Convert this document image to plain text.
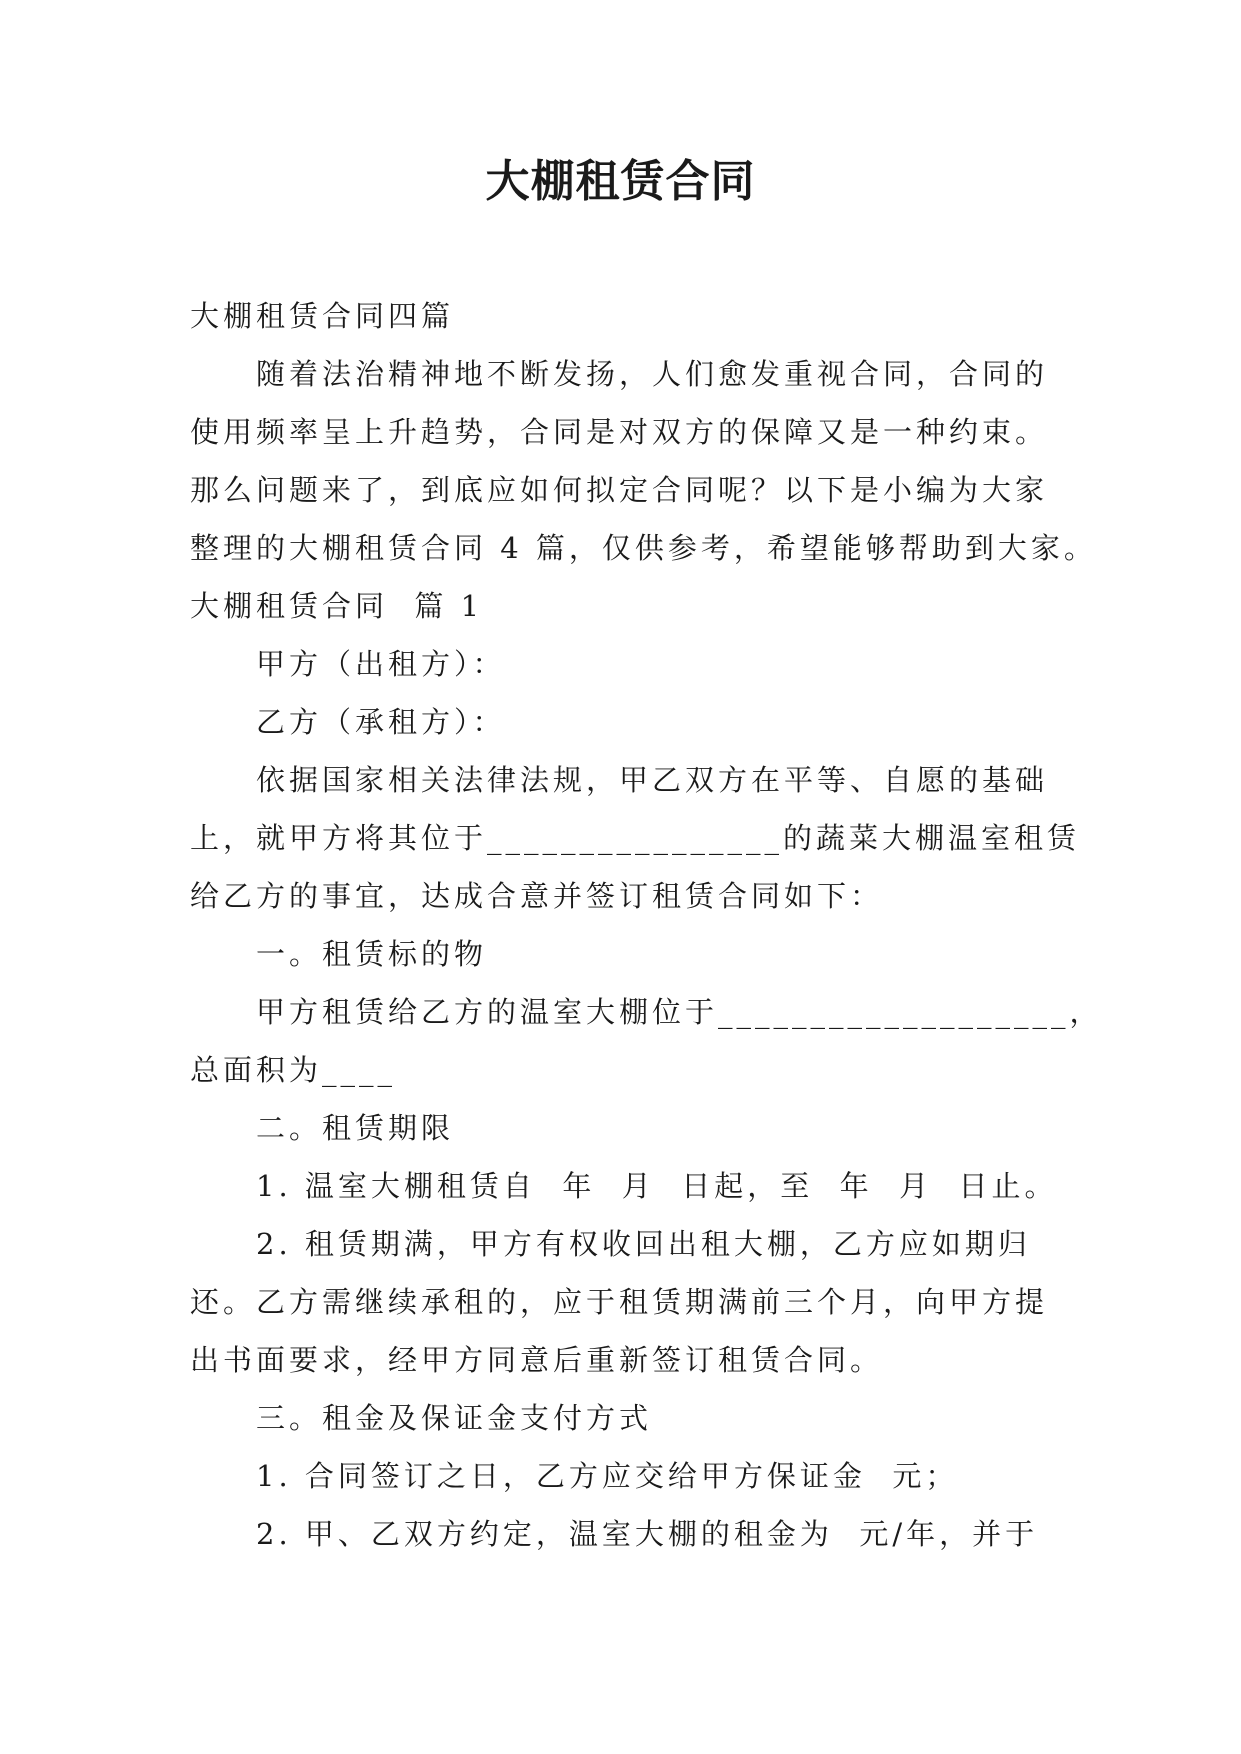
大棚租赁合同
大棚租赁合同四篇
随着法治精神地不断发扬，人们愈发重视合同，合同的
使用频率呈上升趋势，合同是对双方的保障又是一种约束。
那么问题来了，到底应如何拟定合同呢？以下是小编为大家
整理的大棚租赁合同 4 篇，仅供参考，希望能够帮助到大家。
大棚租赁合同  篇 1
甲方（出租方）：
乙方（承租方）：
依据国家相关法律法规，甲乙双方在平等、自愿的基础
上，就甲方将其位于________________的蔬菜大棚温室租赁
给乙方的事宜，达成合意并签订租赁合同如下：
一。租赁标的物
甲方租赁给乙方的温室大棚位于___________________，
总面积为____
二。租赁期限
1. 温室大棚租赁自  年  月  日起，至  年  月  日止。
2. 租赁期满，甲方有权收回出租大棚，乙方应如期归
还。乙方需继续承租的，应于租赁期满前三个月，向甲方提
出书面要求，经甲方同意后重新签订租赁合同。
三。租金及保证金支付方式
1. 合同签订之日，乙方应交给甲方保证金  元；
2. 甲、乙双方约定，温室大棚的租金为  元/年，并于
